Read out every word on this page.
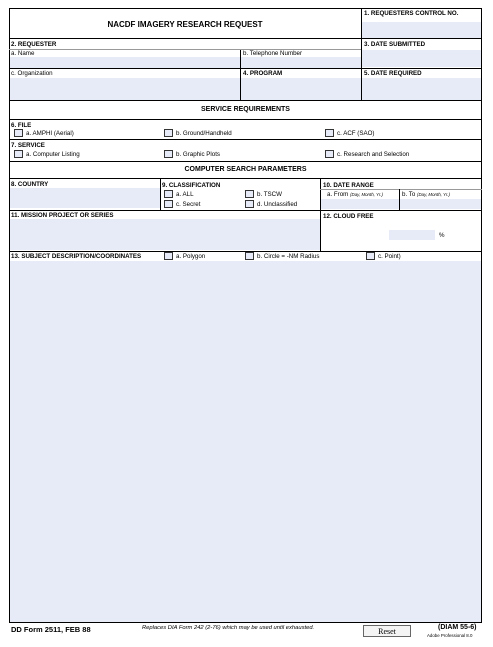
NACDF IMAGERY RESEARCH REQUEST
1. REQUESTERS CONTROL NO.
2. REQUESTER
a. Name	b. Telephone Number
3. DATE SUBMITTED
c. Organization	4. PROGRAM	5. DATE REQUIRED
SERVICE REQUIREMENTS
6. FILE
a. AMPHI (Aerial)	b. Ground/Handheld	c. ACF (SAO)
7. SERVICE
a. Computer Listing	b. Graphic Plots	c. Research and Selection
COMPUTER SEARCH PARAMETERS
8. COUNTRY	9. CLASSIFICATION
a. ALL	b. TSCW
c. Secret	d. Unclassified
10. DATE RANGE
a. From (Day, Month, Yr.)	b. To (Day, Month, Yr.)
11. MISSION PROJECT OR SERIES	12. CLOUD FREE
%
13. SUBJECT DESCRIPTION/COORDINATES	a. Polygon	b. Circle = -NM Radius	c. Point)
DD Form 2511, FEB 88	Replaces DIA Form 242 (2-76) which may be used until exhausted.	Reset	(DIAM 55-6)
Adobe Professional 8.0
